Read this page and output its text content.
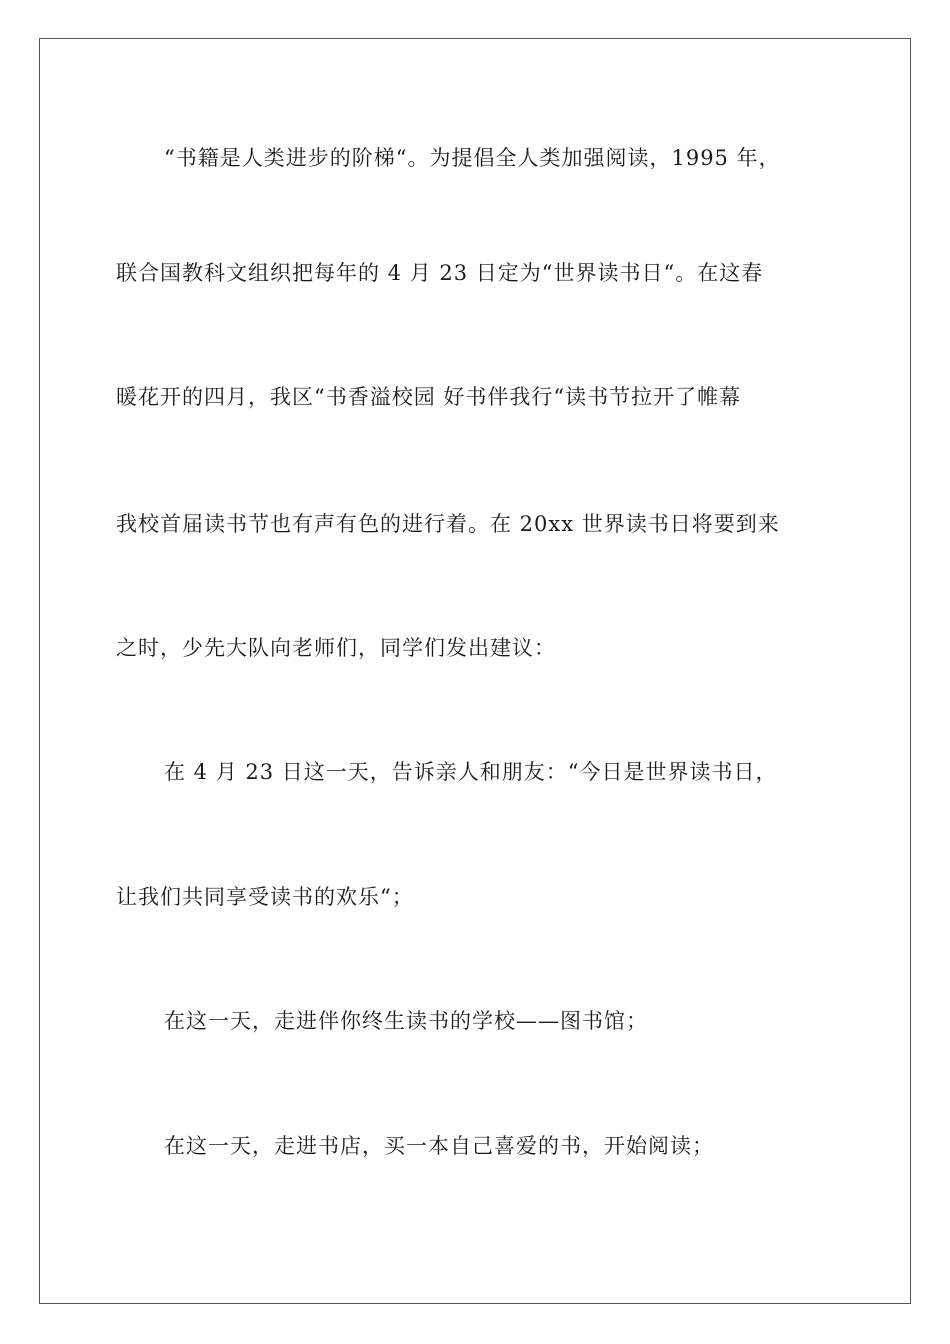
“书籍是人类进步的阶梯“。为提倡全人类加强阅读，1995 年，
联合国教科文组织把每年的 4 月 23 日定为“世界读书日“。在这春
暖花开的四月，我区“书香溢校园 好书伴我行“读书节拉开了帷幕
我校首届读书节也有声有色的进行着。在 20xx 世界读书日将要到来
之时，少先大队向老师们，同学们发出建议：
在 4 月 23 日这一天，告诉亲人和朋友：“今日是世界读书日，
让我们共同享受读书的欢乐“；
在这一天，走进伴你终生读书的学校——图书馆；
在这一天，走进书店，买一本自己喜爱的书，开始阅读；
